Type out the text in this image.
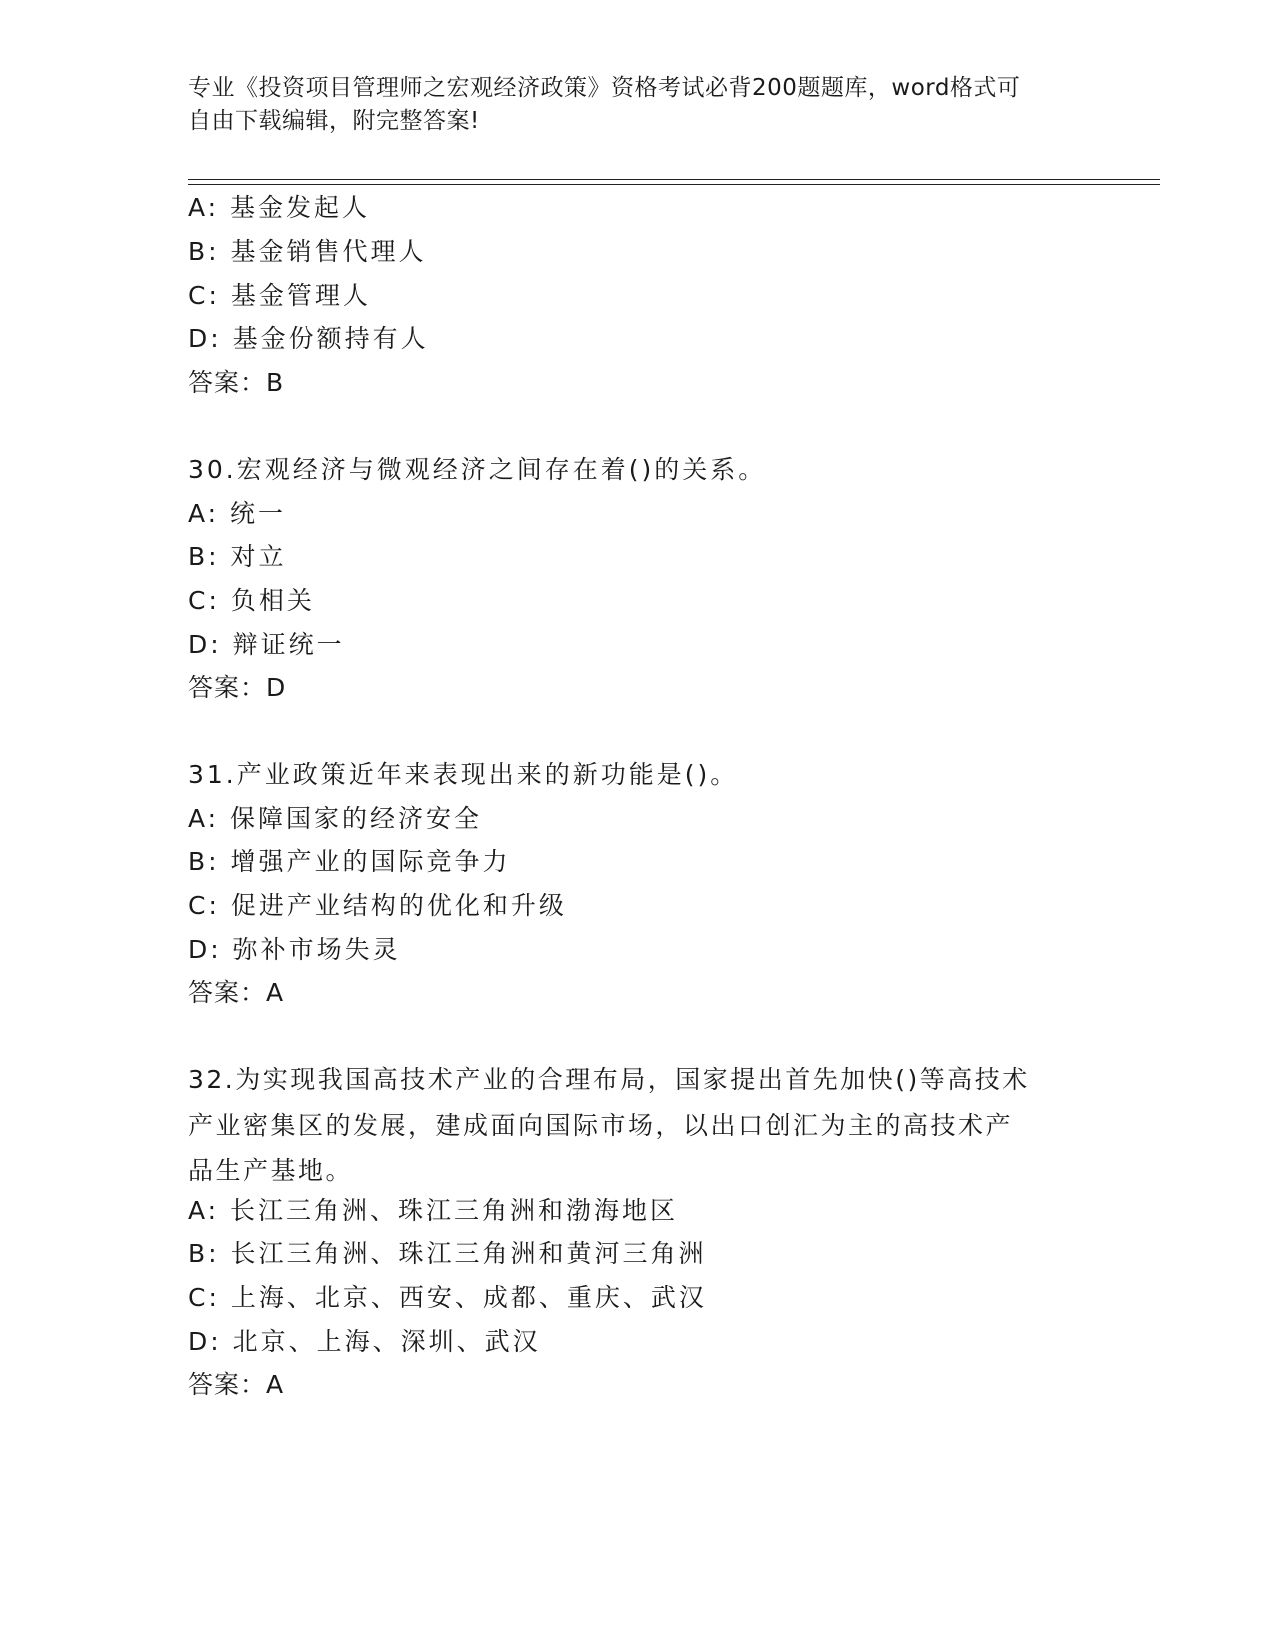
专业《投资项目管理师之宏观经济政策》资格考试必背200题题库，word格式可
自由下载编辑，附完整答案!
A: 基金发起人
B: 基金销售代理人
C: 基金管理人
D: 基金份额持有人
答案：B
30.宏观经济与微观经济之间存在着()的关系。
A: 统一
B: 对立
C: 负相关
D: 辩证统一
答案：D
31.产业政策近年来表现出来的新功能是()。
A: 保障国家的经济安全
B: 增强产业的国际竞争力
C: 促进产业结构的优化和升级
D: 弥补市场失灵
答案：A
32.为实现我国高技术产业的合理布局，国家提出首先加快()等高技术
产业密集区的发展，建成面向国际市场，以出口创汇为主的高技术产
品生产基地。
A: 长江三角洲、珠江三角洲和渤海地区
B: 长江三角洲、珠江三角洲和黄河三角洲
C: 上海、北京、西安、成都、重庆、武汉
D: 北京、上海、深圳、武汉
答案：A
